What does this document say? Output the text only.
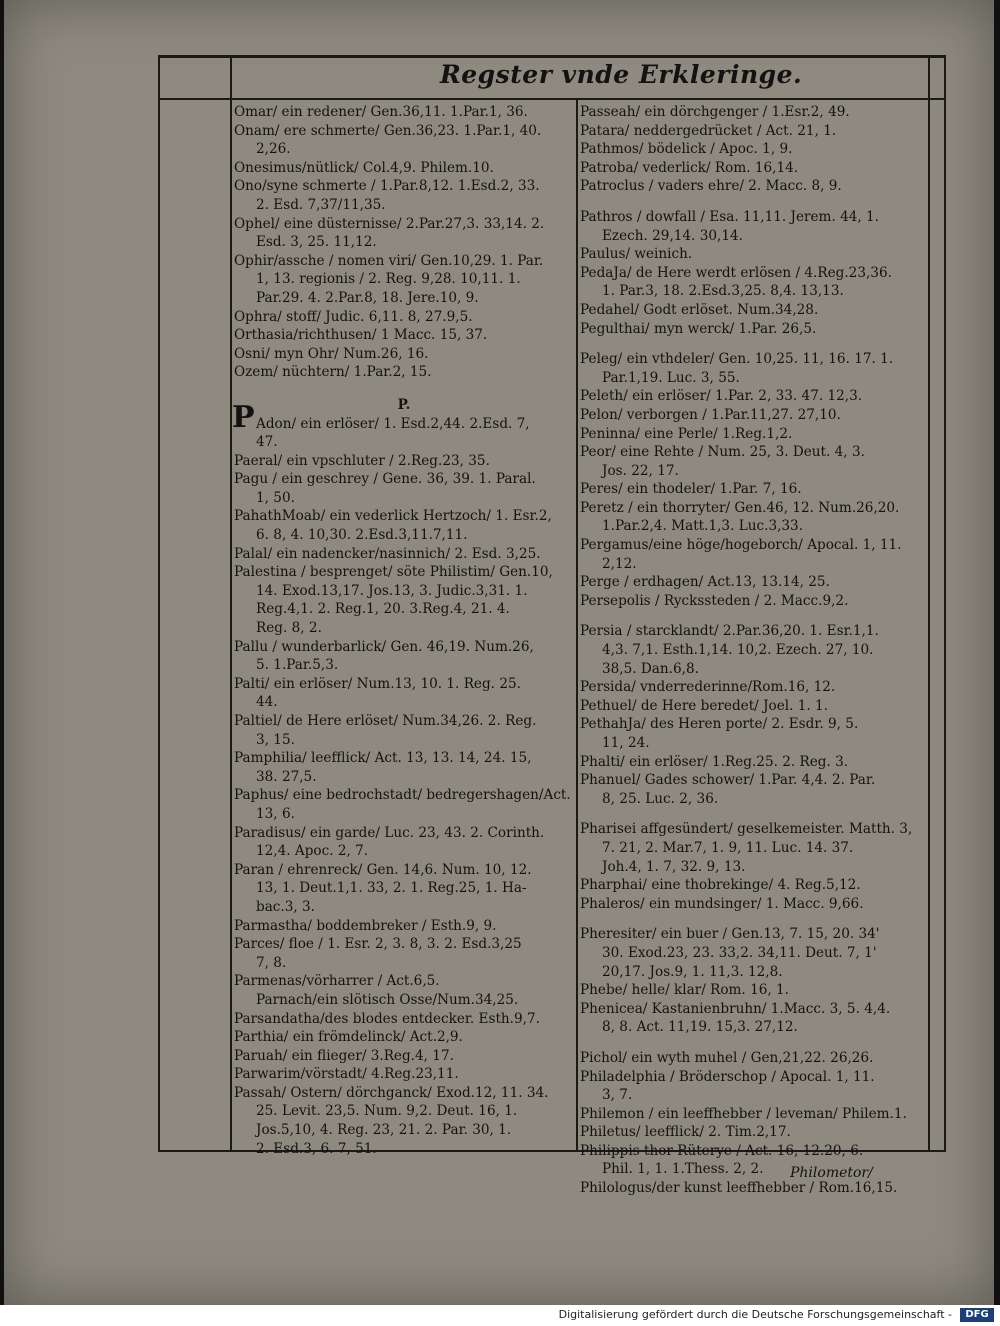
Regster vnde Erkleringe.
Omar/ ein redener/ Gen.36,11. 1.Par.1, 36.
Onam/ ere schmerte/ Gen.36,23. 1.Par.1, 40.
2,26.
Onesimus/nütlick/ Col.4,9. Philem.10.
Ono/syne schmerte / 1.Par.8,12. 1.Esd.2, 33.
2. Esd. 7,37/11,35.
Ophel/ eine düsternisse/ 2.Par.27,3. 33,14. 2.
Esd. 3, 25. 11,12.
Ophir/assche / nomen viri/ Gen.10,29. 1. Par.
1, 13. regionis / 2. Reg. 9,28. 10,11. 1.
Par.29. 4. 2.Par.8, 18. Jere.10, 9.
Ophra/ stoff/ Judic. 6,11. 8, 27.9,5.
Orthasia/richthusen/ 1 Macc. 15, 37.
Osni/ myn Ohr/ Num.26, 16.
Ozem/ nüchtern/ 1.Par.2, 15.
P.
P Adon/ ein erlöser/ 1. Esd.2,44. 2.Esd. 7,
47.
Paeral/ ein vpschluter / 2.Reg.23, 35.
Pagu / ein geschrey / Gene. 36, 39. 1. Paral.
1, 50.
PahathMoab/ ein vederlick Hertzoch/ 1. Esr.2,
6. 8, 4. 10,30. 2.Esd.3,11.7,11.
Palal/ ein nadencker/nasinnich/ 2. Esd. 3,25.
Palestina / besprenget/ söte Philistim/ Gen.10,
14. Exod.13,17. Jos.13, 3. Judic.3,31. 1.
Reg.4,1. 2. Reg.1, 20. 3.Reg.4, 21. 4.
Reg. 8, 2.
Pallu / wunderbarlick/ Gen. 46,19. Num.26,
5. 1.Par.5,3.
Palti/ ein erlöser/ Num.13, 10. 1. Reg. 25.
44.
Paltiel/ de Here erlöset/ Num.34,26. 2. Reg.
3, 15.
Pamphilia/ leefflick/ Act. 13, 13. 14, 24. 15,
38. 27,5.
Paphus/ eine bedrochstadt/ bedregershagen/Act.
13, 6.
Paradisus/ ein garde/ Luc. 23, 43. 2. Corinth.
12,4. Apoc. 2, 7.
Paran / ehrenreck/ Gen. 14,6. Num. 10, 12.
13, 1. Deut.1,1. 33, 2. 1. Reg.25, 1. Ha-
bac.3, 3.
Parmastha/ boddembreker / Esth.9, 9.
Parces/ floe / 1. Esr. 2, 3. 8, 3. 2. Esd.3,25
7, 8.
Parmenas/vörharrer / Act.6,5.
Parnach/ein slötisch Osse/Num.34,25.
Parsandatha/des blodes entdecker. Esth.9,7.
Parthia/ ein frömdelinck/ Act.2,9.
Paruah/ ein flieger/ 3.Reg.4, 17.
Parwarim/vörstadt/ 4.Reg.23,11.
Passah/ Ostern/ dörchganck/ Exod.12, 11. 34.
25. Levit. 23,5. Num. 9,2. Deut. 16, 1.
Jos.5,10, 4. Reg. 23, 21. 2. Par. 30, 1.
2. Esd.3, 6. 7, 51.
Passeah/ ein dörchgenger / 1.Esr.2, 49.
Patara/ neddergedrücket / Act. 21, 1.
Pathmos/ bödelick / Apoc. 1, 9.
Patroba/ vederlick/ Rom. 16,14.
Patroclus / vaders ehre/ 2. Macc. 8, 9.
Pathros / dowfall / Esa. 11,11. Jerem. 44, 1.
Ezech. 29,14. 30,14.
Paulus/ weinich.
PedaJa/ de Here werdt erlösen / 4.Reg.23,36.
1. Par.3, 18. 2.Esd.3,25. 8,4. 13,13.
Pedahel/ Godt erlöset. Num.34,28.
Pegulthai/ myn werck/ 1.Par. 26,5.
Peleg/ ein vthdeler/ Gen. 10,25. 11, 16. 17. 1.
Par.1,19. Luc. 3, 55.
Peleth/ ein erlöser/ 1.Par. 2, 33. 47. 12,3.
Pelon/ verborgen / 1.Par.11,27. 27,10.
Peninna/ eine Perle/ 1.Reg.1,2.
Peor/ eine Rehte / Num. 25, 3. Deut. 4, 3.
Jos. 22, 17.
Peres/ ein thodeler/ 1.Par. 7, 16.
Peretz / ein thorryter/ Gen.46, 12. Num.26,20.
1.Par.2,4. Matt.1,3. Luc.3,33.
Pergamus/eine höge/hogeborch/ Apocal. 1, 11.
2,12.
Perge / erdhagen/ Act.13, 13.14, 25.
Persepolis / Ryckssteden / 2. Macc.9,2.
Persia / starcklandt/ 2.Par.36,20. 1. Esr.1,1.
4,3. 7,1. Esth.1,14. 10,2. Ezech. 27, 10.
38,5. Dan.6,8.
Persida/ vnderrederinne/Rom.16, 12.
Pethuel/ de Here beredet/ Joel. 1. 1.
PethahJa/ des Heren porte/ 2. Esdr. 9, 5.
11, 24.
Phalti/ ein erlöser/ 1.Reg.25. 2. Reg. 3.
Phanuel/ Gades schower/ 1.Par. 4,4. 2. Par.
8, 25. Luc. 2, 36.
Pharisei affgesündert/ geselkemeister. Matth. 3,
7. 21, 2. Mar.7, 1. 9, 11. Luc. 14. 37.
Joh.4, 1. 7, 32. 9, 13.
Pharphai/ eine thobrekinge/ 4. Reg.5,12.
Phaleros/ ein mundsinger/ 1. Macc. 9,66.
Pheresiter/ ein buer / Gen.13, 7. 15, 20. 34'
30. Exod.23, 23. 33,2. 34,11. Deut. 7, 1'
20,17. Jos.9, 1. 11,3. 12,8.
Phebe/ helle/ klar/ Rom. 16, 1.
Phenicea/ Kastanienbruhn/ 1.Macc. 3, 5. 4,4.
8, 8. Act. 11,19. 15,3. 27,12.
Pichol/ ein wyth muhel / Gen,21,22. 26,26.
Philadelphia / Bröderschop / Apocal. 1, 11.
3, 7.
Philemon / ein leeffhebber / leveman/ Philem.1.
Philetus/ leefflick/ 2. Tim.2,17.
Philippis thor Rüterye / Act. 16, 12.20, 6.
Phil. 1, 1. 1.Thess. 2, 2.
Philologus/der kunst leeffhebber / Rom.16,15.
Philometor/
Digitalisierung gefördert durch die Deutsche Forschungsgemeinschaft -	DFG
